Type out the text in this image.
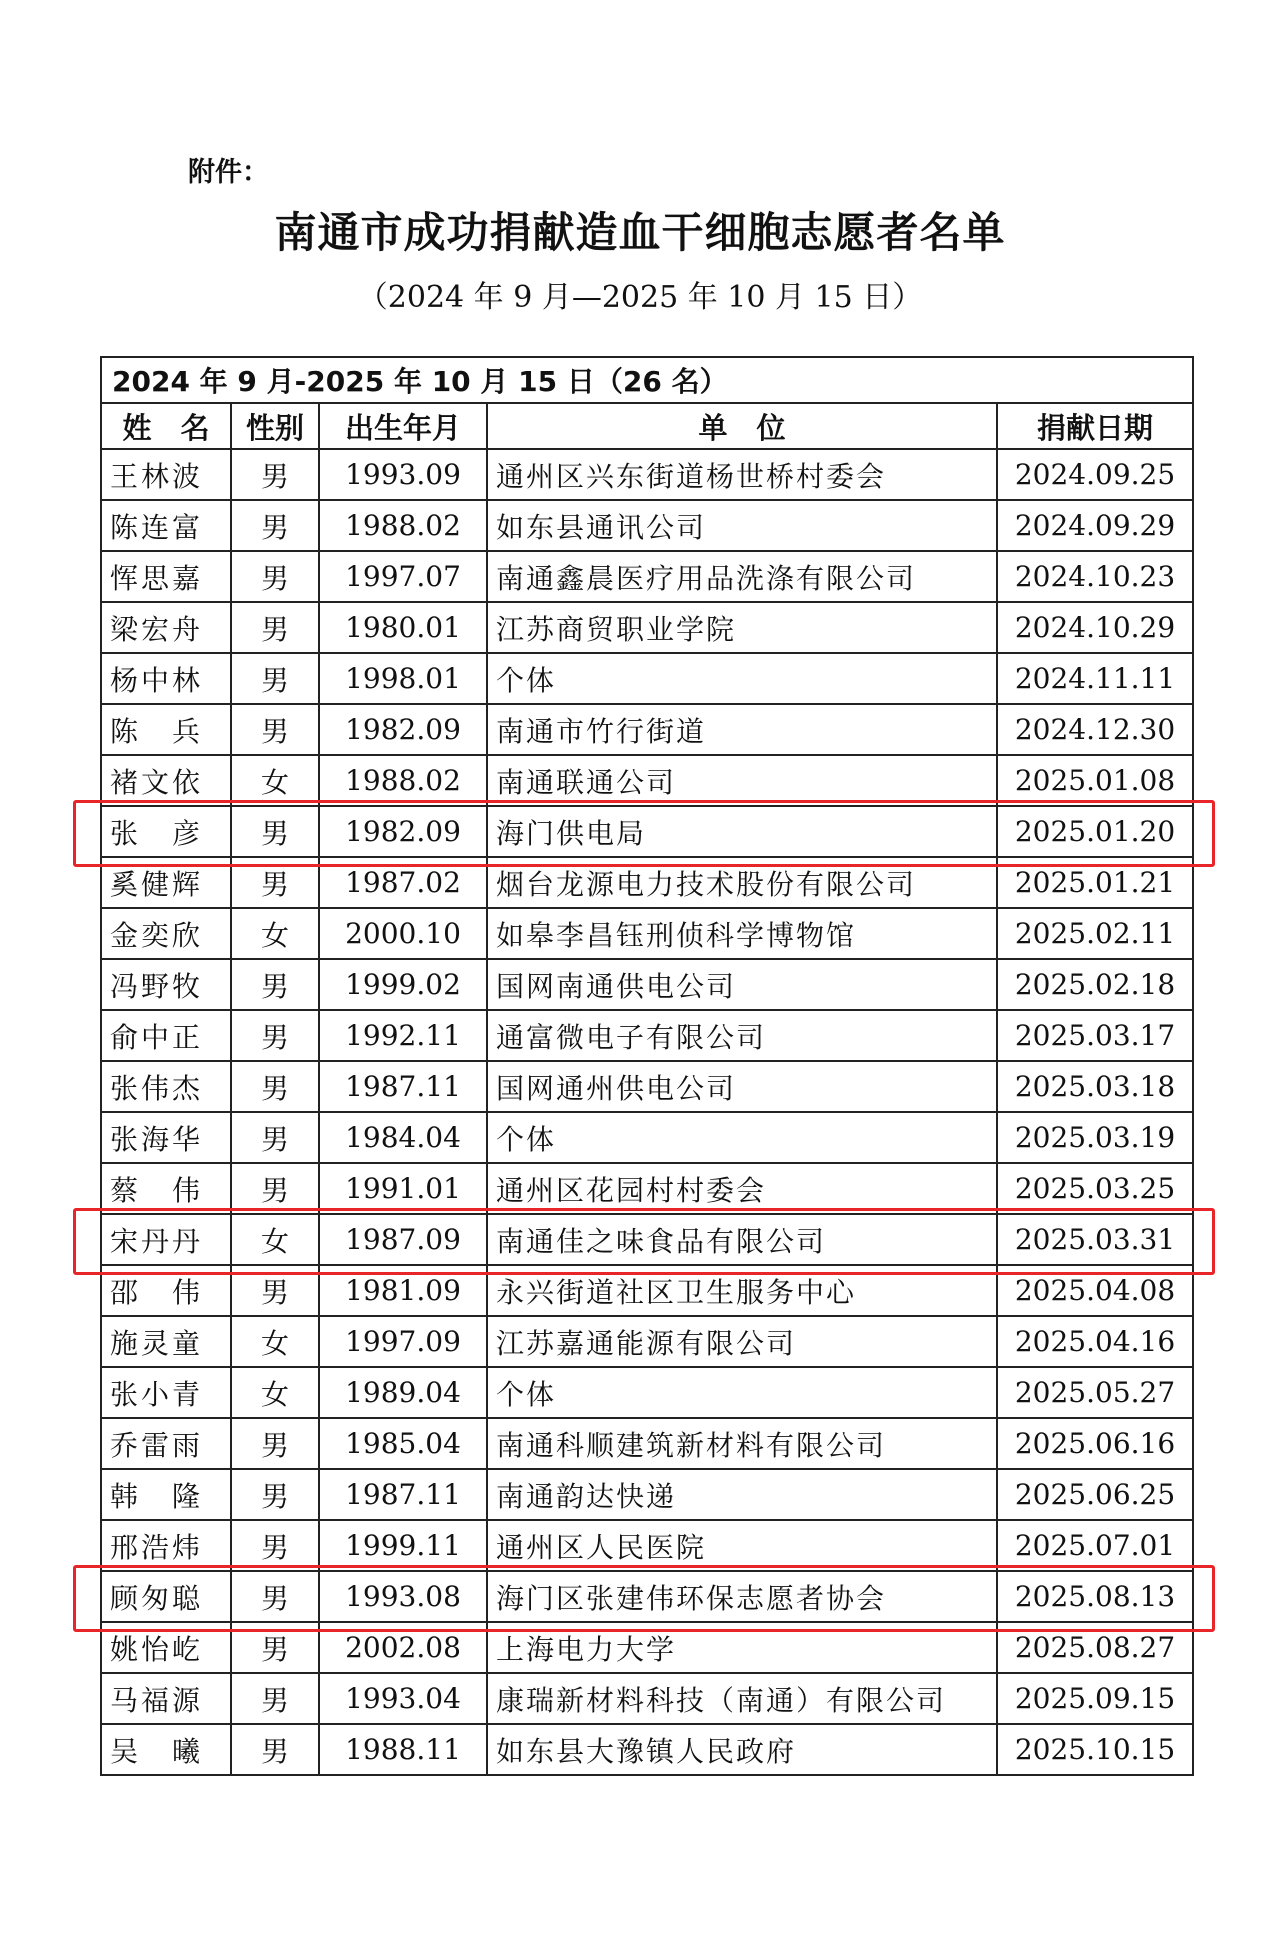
附件：
南通市成功捐献造血干细胞志愿者名单
（2024 年 9 月—2025 年 10 月 15 日）
2024 年 9 月-2025 年 10 月 15 日（26 名）				
姓　名	性别	出生年月	单　位	捐献日期
王林波	男	1993.09	通州区兴东街道杨世桥村委会	2024.09.25
陈连富	男	1988.02	如东县通讯公司	2024.09.29
恽思嘉	男	1997.07	南通鑫晨医疗用品洗涤有限公司	2024.10.23
梁宏舟	男	1980.01	江苏商贸职业学院	2024.10.29
杨中林	男	1998.01	个体	2024.11.11
陈　兵	男	1982.09	南通市竹行街道	2024.12.30
褚文依	女	1988.02	南通联通公司	2025.01.08
张　彦	男	1982.09	海门供电局	2025.01.20
奚健辉	男	1987.02	烟台龙源电力技术股份有限公司	2025.01.21
金奕欣	女	2000.10	如皋李昌钰刑侦科学博物馆	2025.02.11
冯野牧	男	1999.02	国网南通供电公司	2025.02.18
俞中正	男	1992.11	通富微电子有限公司	2025.03.17
张伟杰	男	1987.11	国网通州供电公司	2025.03.18
张海华	男	1984.04	个体	2025.03.19
蔡　伟	男	1991.01	通州区花园村村委会	2025.03.25
宋丹丹	女	1987.09	南通佳之味食品有限公司	2025.03.31
邵　伟	男	1981.09	永兴街道社区卫生服务中心	2025.04.08
施灵童	女	1997.09	江苏嘉通能源有限公司	2025.04.16
张小青	女	1989.04	个体	2025.05.27
乔雷雨	男	1985.04	南通科顺建筑新材料有限公司	2025.06.16
韩　隆	男	1987.11	南通韵达快递	2025.06.25
邢浩炜	男	1999.11	通州区人民医院	2025.07.01
顾匆聪	男	1993.08	海门区张建伟环保志愿者协会	2025.08.13
姚怡屹	男	2002.08	上海电力大学	2025.08.27
马福源	男	1993.04	康瑞新材料科技（南通）有限公司	2025.09.15
吴　曦	男	1988.11	如东县大豫镇人民政府	2025.10.15
